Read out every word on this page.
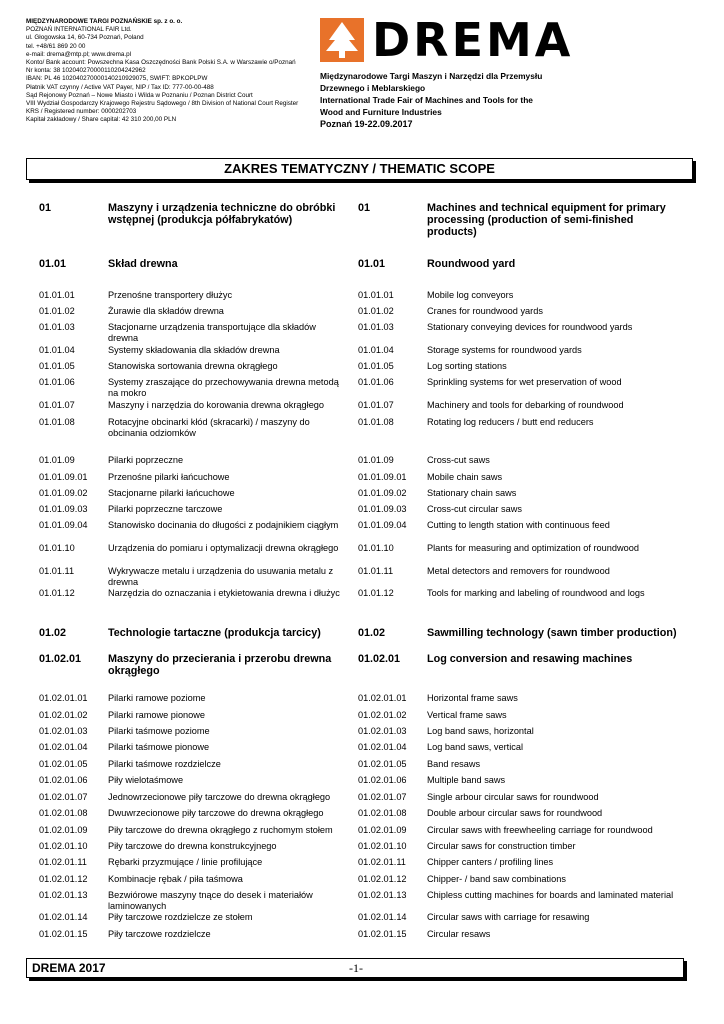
MIĘDZYNARODOWE TARGI POZNAŃSKIE sp. z o. o.
POZNAŃ INTERNATIONAL FAIR Ltd.
ul. Głogowska 14, 60-734 Poznań, Poland
tel. +48/61 869 20 00
e-mail: drema@mtp.pl; www.drema.pl
Konto/ Bank account: Powszechna Kasa Oszczędności Bank Polski S.A. w Warszawie o/Poznań
Nr konta: 38 102040270000110204242962
IBAN: PL 46 102040270000140210929075, SWIFT: BPKOPLPW
Płatnik VAT czynny / Active VAT Payer, NIP / Tax ID: 777-00-00-488
Sąd Rejonowy Poznań – Nowe Miasto i Wilda w Poznaniu / Poznan District Court
VIII Wydział Gospodarczy Krajowego Rejestru Sądowego / 8th Division of National Court Register
KRS / Registered number: 0000202703
Kapitał zakładowy / Share capital: 42 310 200,00 PLN
DREMA
Międzynarodowe Targi Maszyn i Narzędzi dla Przemysłu
Drzewnego i Meblarskiego
International Trade Fair of Machines and Tools for the
Wood and Furniture Industries
Poznań 19-22.09.2017
ZAKRES TEMATYCZNY / THEMATIC SCOPE
01	Maszyny i urządzenia techniczne do obróbki wstępnej (produkcja półfabrykatów)
01	Machines and technical equipment for primary processing (production of semi-finished products)
01.01	Skład drewna	01.01	Roundwood yard
01.01.01	Przenośne transportery dłużyc	01.01.01	Mobile log conveyors
01.01.02	Żurawie dla składów drewna	01.01.02	Cranes for roundwood yards
01.01.03	Stacjonarne urządzenia transportujące dla składów drewna
01.01.03	Stationary conveying devices for roundwood yards
01.01.04	Systemy składowania dla składów drewna	01.01.04	Storage systems for roundwood yards
01.01.05	Stanowiska sortowania drewna okrągłego	01.01.05	Log sorting stations
01.01.06	Systemy zraszające do przechowywania drewna metodą na mokro
01.01.06	Sprinkling systems for wet preservation of wood
01.01.07	Maszyny i narzędzia do korowania drewna okrągłego	01.01.07	Machinery and tools for debarking of roundwood
01.01.08	Rotacyjne obcinarki kłód (skracarki) / maszyny do obcinania odziomków
01.01.08	Rotating log reducers / butt end reducers
01.01.09	Pilarki poprzeczne	01.01.09	Cross-cut saws
01.01.09.01 Przenośne pilarki łańcuchowe	01.01.09.01 Mobile chain saws
01.01.09.02 Stacjonarne pilarki łańcuchowe	01.01.09.02 Stationary chain saws
01.01.09.03 Pilarki poprzeczne tarczowe	01.01.09.03 Cross-cut circular saws
01.01.09.04 Stanowisko docinania do długości z podajnikiem ciągłym	01.01.09.04 Cutting to length station with continuous feed
01.01.10	Urządzenia do pomiaru i optymalizacji drewna okrągłego	01.01.10	Plants for measuring and optimization of roundwood
01.01.11	Wykrywacze metalu i urządzenia do usuwania metalu z drewna
01.01.11	Metal detectors and removers for roundwood
01.01.12	Narzędzia do oznaczania i etykietowania drewna i dłużyc	01.01.12	Tools for marking and labeling of roundwood and logs
01.02	Technologie tartaczne (produkcja tarcicy)	01.02	Sawmilling technology (sawn timber production)
01.02.01 Maszyny do przecierania i przerobu drewna okrągłego
01.02.01 Log conversion and resawing machines
01.02.01.01 Pilarki ramowe poziome	01.02.01.01 Horizontal frame saws
01.02.01.02 Pilarki ramowe pionowe	01.02.01.02 Vertical frame saws
01.02.01.03 Pilarki taśmowe poziome	01.02.01.03 Log band saws, horizontal
01.02.01.04 Pilarki taśmowe pionowe	01.02.01.04 Log band saws, vertical
01.02.01.05 Pilarki taśmowe rozdzielcze	01.02.01.05 Band resaws
01.02.01.06 Piły wielotaśmowe	01.02.01.06 Multiple band saws
01.02.01.07 Jednowrzecionowe piły tarczowe do drewna okrągłego	01.02.01.07 Single arbour circular saws for roundwood
01.02.01.08 Dwuwrzecionowe piły tarczowe do drewna okrągłego	01.02.01.08 Double arbour circular saws for roundwood
01.02.01.09 Piły tarczowe do drewna okrągłego z ruchomym stołem	01.02.01.09 Circular saws with freewheeling carriage for roundwood
01.02.01.10 Piły tarczowe do drewna konstrukcyjnego	01.02.01.10 Circular saws for construction timber
01.02.01.11 Rębarki przyzmujące / linie profilujące	01.02.01.11 Chipper canters / profiling lines
01.02.01.12 Kombinacje rębak / piła taśmowa	01.02.01.12 Chipper- / band saw combinations
01.02.01.13 Bezwiórowe maszyny tnące do desek i materiałów laminowanych
01.02.01.13 Chipless cutting machines for boards and laminated material
01.02.01.14 Piły tarczowe rozdzielcze ze stołem	01.02.01.14 Circular saws with carriage for resawing
01.02.01.15 Piły tarczowe rozdzielcze	01.02.01.15 Circular resaws
DREMA 2017	-1-
